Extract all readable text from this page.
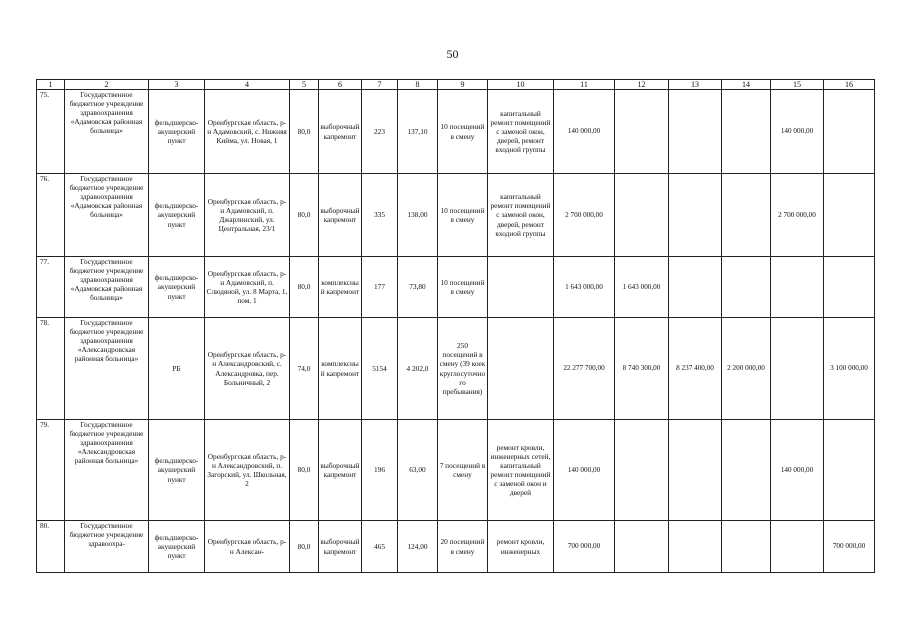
50
1	2	3	4	5	6	7	8	9	10	11	12	13	14	15	16
75.	Государственное бюджетное учреждение здравоохранения «Адамовская районная больница»	фельдшерско-акушерский пункт	Оренбургская область, р-н Адамовский, с. Нижняя Кийма, ул. Новая, 1	80,0	выборочный капремонт	223	137,10	10 посещений в смену	капитальный ремонт помещений с заменой окон, дверей, ремонт входной группы	140 000,00				140 000,00	
76.	Государственное бюджетное учреждение здравоохранения «Адамовская районная больница»	фельдшерско-акушерский пункт	Оренбургская область, р-н Адамовский, п. Джарлинский, ул. Центральная, 23/1	80,0	выборочный капремонт	335	138,00	10 посещений в смену	капитальный ремонт помещений с заменой окон, дверей, ремонт входной группы	2 700 000,00				2 700 000,00	
77.	Государственное бюджетное учреждение здравоохранения «Адамовская районная больница»	фельдшерско-акушерский пункт	Оренбургская область, р-н Адамовский, п. Слюдяной, ул. 8 Марта, 1, пом. 1	80,0	комплексный капремонт	177	73,80	10 посещений в смену		1 643 000,00	1 643 000,00				
78.	Государственное бюджетное учреждение здравоохранения «Александровская районная больница»	РБ	Оренбургская область, р-н Александровский, с. Александровка, пер. Больничный, 2	74,0	комплексный капремонт	5154	4 202,0	250 посещений в смену (39 коек круглосуточного пребывания)		22 277 700,00	8 740 300,00	8 237 400,00	2 200 000,00		3 100 000,00
79.	Государственное бюджетное учреждение здравоохранения «Александровская районная больница»	фельдшерско-акушерский пункт	Оренбургская область, р-н Александровский, п. Загорский, ул. Школьная, 2	80,0	выборочный капремонт	196	63,00	7 посещений в смену	ремонт кровли, инженерных сетей, капитальный ремонт помещений с заменой окон и дверей	140 000,00				140 000,00	
80.	Государственное бюджетное учреждение здравоохра-	фельдшерско-акушерский пункт	Оренбургская область, р-н Алексан-	80,0	выборочный капремонт	465	124,00	20 посещений в смену	ремонт кровли, инженерных	700 000,00					700 000,00
